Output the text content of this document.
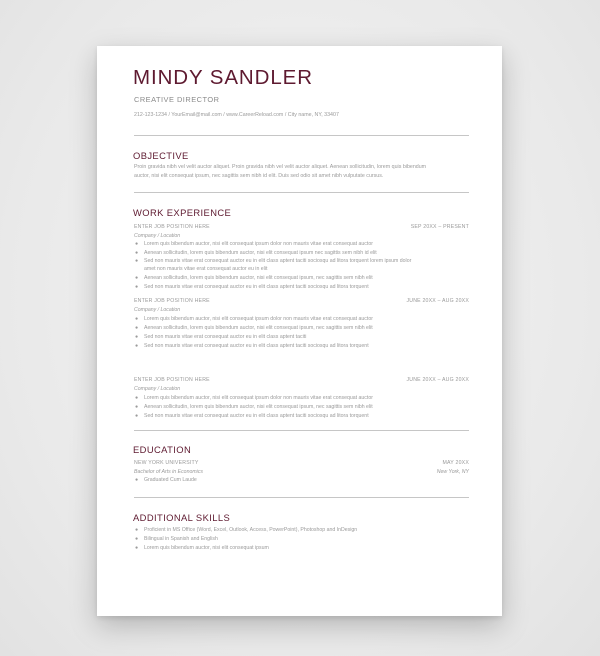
MINDY SANDLER
CREATIVE DIRECTOR
212-123-1234 / YourEmail@mail.com / www.CareerReload.com / City name, NY, 33407
OBJECTIVE
Proin gravida nibh vel velit auctor aliquet. Proin gravida nibh vel velit auctor aliquet. Aenean sollicitudin, lorem quis bibendum
auctor, nisi elit consequat ipsum, nec sagittis sem nibh id elit. Duis sed odio sit amet nibh vulputate cursus.
WORK EXPERIENCE
ENTER JOB POSITION HERE	SEP 20XX – PRESENT
Company / Location
● Lorem quis bibendum auctor, nisi elit consequat ipsum dolor non mauris vitae erat consequat auctor
● Aenean sollicitudin, lorem quis bibendum auctor, nisi elit consequat ipsum nec sagittis sem nibh id elit
● Sed non mauris vitae erat consequat auctor eu in elit class aptent taciti sociosqu ad litora torquent lorem ipsum dolor
amet non mauris vitae erat consequat auctor eu in elit
● Aenean sollicitudin, lorem quis bibendum auctor, nisi elit consequat ipsum, nec sagittis sem nibh elit
● Sed non mauris vitae erat consequat auctor eu in elit class aptent taciti sociosqu ad litora torquent
ENTER JOB POSITION HERE	JUNE 20XX – AUG 20XX
Company / Location
● Lorem quis bibendum auctor, nisi elit consequat ipsum dolor non mauris vitae erat consequat auctor
● Aenean sollicitudin, lorem quis bibendum auctor, nisi elit consequat ipsum, nec sagittis sem nibh elit
● Sed non mauris vitae erat consequat auctor eu in elit class aptent taciti
● Sed non mauris vitae erat consequat auctor eu in elit class aptent taciti sociosqu ad litora torquent
ENTER JOB POSITION HERE	JUNE 20XX – AUG 20XX
Company / Location
● Lorem quis bibendum auctor, nisi elit consequat ipsum dolor non mauris vitae erat consequat auctor
● Aenean sollicitudin, lorem quis bibendum auctor, nisi elit consequat ipsum, nec sagittis sem nibh elit
● Sed non mauris vitae erat consequat auctor eu in elit class aptent taciti sociosqu ad litora torquent
EDUCATION
NEW YORK UNIVERSITY	MAY 20XX
Bachelor of Arts in Economics	New York, NY
● Graduated Cum Laude
ADDITIONAL SKILLS
● Proficient in MS Office (Word, Excel, Outlook, Access, PowerPoint), Photoshop and InDesign
● Bilingual in Spanish and English
● Lorem quis bibendum auctor, nisi elit consequat ipsum
